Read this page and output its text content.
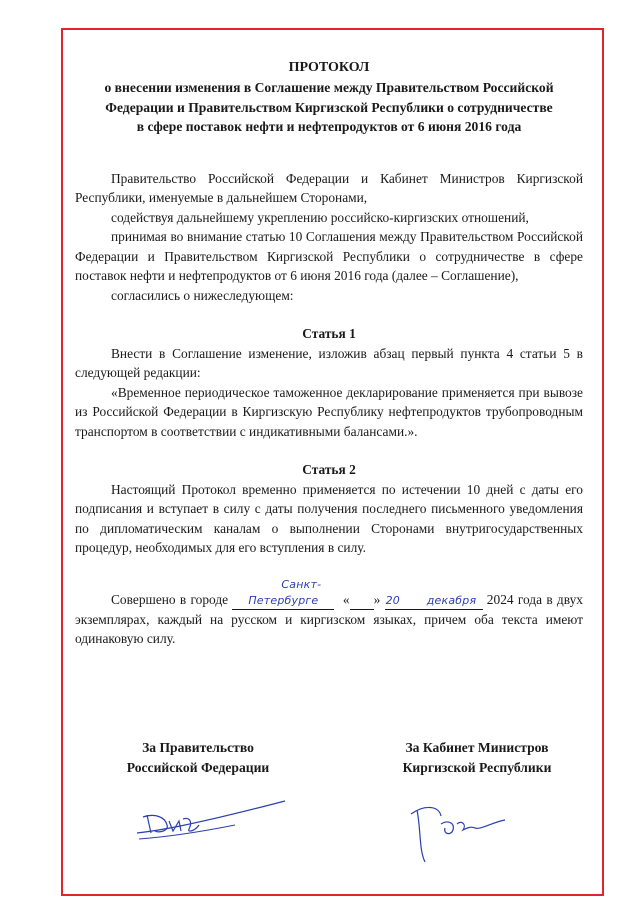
ПРОТОКОЛ
о внесении изменения в Соглашение между Правительством Российской
Федерации и Правительством Киргизской Республики о сотрудничестве
в сфере поставок нефти и нефтепродуктов от 6 июня 2016 года

Правительство Российской Федерации и Кабинет Министров Киргизской Республики, именуемые в дальнейшем Сторонами,

содействуя дальнейшему укреплению российско-киргизских отношений,

принимая во внимание статью 10 Соглашения между Правительством Российской Федерации и Правительством Киргизской Республики о сотрудничестве в сфере поставок нефти и нефтепродуктов от 6 июня 2016 года (далее – Соглашение),

согласились о нижеследующем:

Статья 1

Внести в Соглашение изменение, изложив абзац первый пункта 4 статьи 5 в следующей редакции:

«Временное периодическое таможенное декларирование применяется при вывозе из Российской Федерации в Киргизскую Республику нефтепродуктов трубопроводным транспортом в соответствии с индикативными балансами.».

Статья 2

Настоящий Протокол временно применяется по истечении 10 дней с даты его подписания и вступает в силу с даты получения последнего письменного уведомления по дипломатическим каналам о выполнении Сторонами внутригосударственных процедур, необходимых для его вступления в силу.

Совершено в городе Санкт-Петербурге «	20»	декабря 2024 года в двух экземплярах, каждый на русском и киргизском языках, причем оба текста имеют одинаковую силу.

За Правительство
Российской Федерации
За Кабинет Министров
Киргизской Республики
